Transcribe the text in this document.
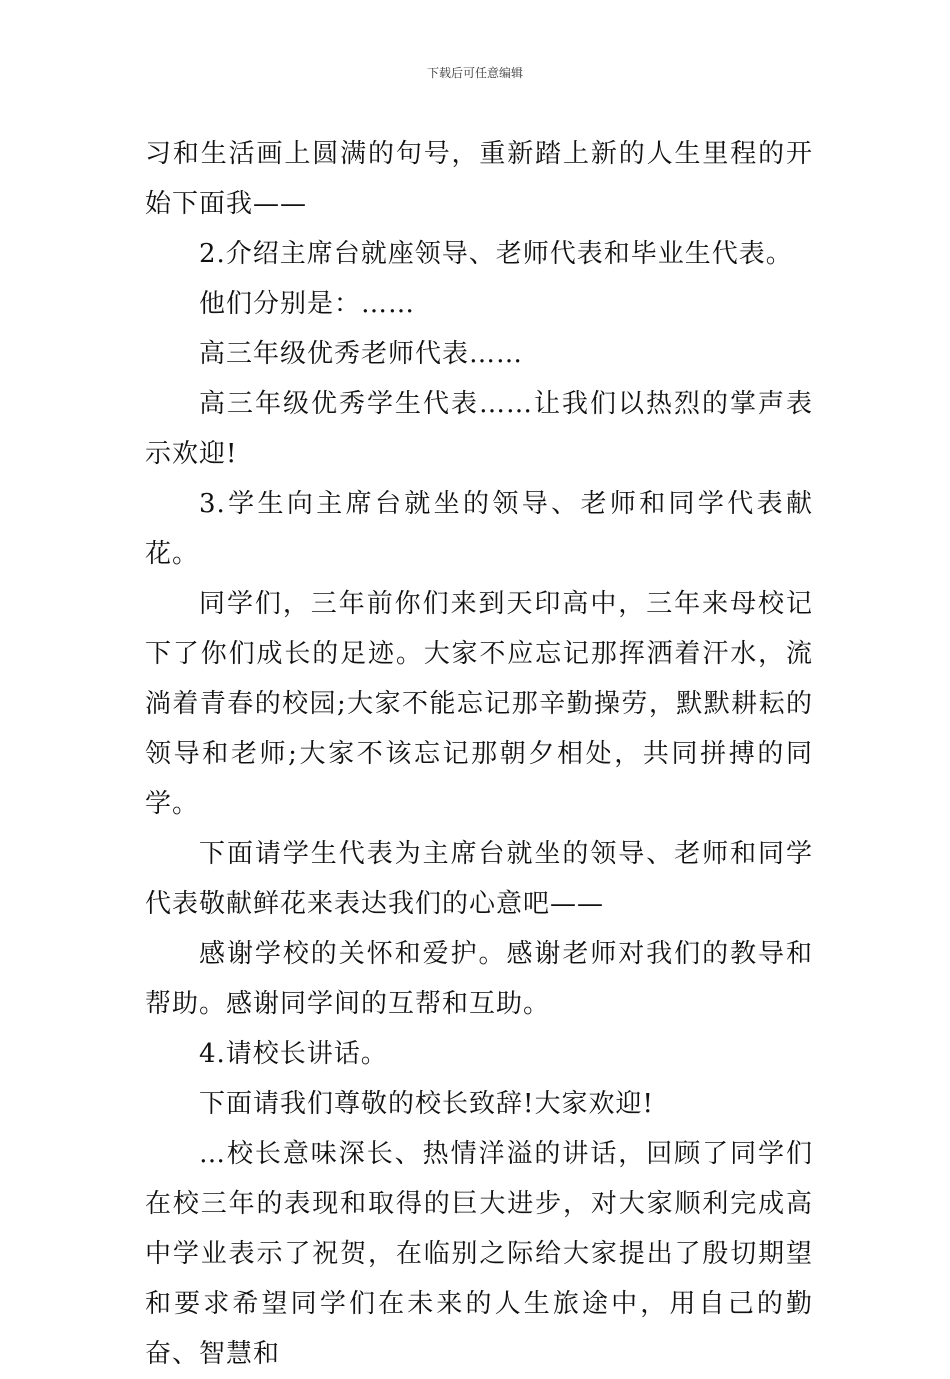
下载后可任意编辑

习和生活画上圆满的句号，重新踏上新的人生里程的开始下面我——

2.介绍主席台就座领导、老师代表和毕业生代表。

他们分别是：……

高三年级优秀老师代表……

高三年级优秀学生代表……让我们以热烈的掌声表示欢迎!

3.学生向主席台就坐的领导、老师和同学代表献花。

同学们，三年前你们来到天印高中，三年来母校记下了你们成长的足迹。大家不应忘记那挥洒着汗水，流淌着青春的校园;大家不能忘记那辛勤操劳，默默耕耘的领导和老师;大家不该忘记那朝夕相处，共同拼搏的同学。

下面请学生代表为主席台就坐的领导、老师和同学代表敬献鲜花来表达我们的心意吧——

感谢学校的关怀和爱护。感谢老师对我们的教导和帮助。感谢同学间的互帮和互助。

4.请校长讲话。

下面请我们尊敬的校长致辞!大家欢迎!

…校长意味深长、热情洋溢的讲话，回顾了同学们在校三年的表现和取得的巨大进步，对大家顺利完成高中学业表示了祝贺，在临别之际给大家提出了殷切期望和要求希望同学们在未来的人生旅途中，用自己的勤奋、智慧和
